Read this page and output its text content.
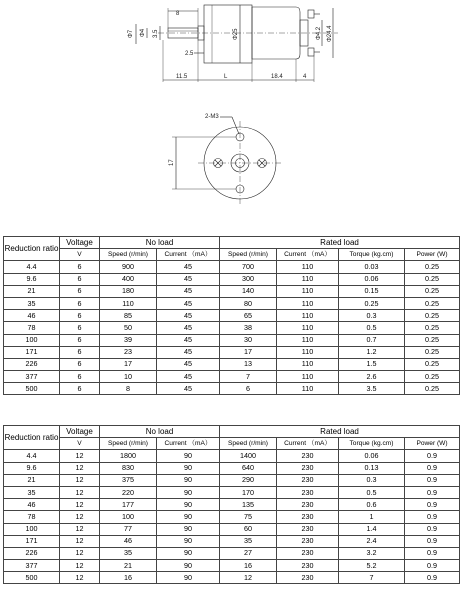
8
Φ7 Φ4 3.5
2.5
Φ25	Φ4.2 Φ24.4
11.5	L	18.4	4
2-M3
17
Reduction ratio	Voltage	No load		Rated load			
	V	Speed (r/min)	Current （mA）	Speed (r/min)	Current （mA）	Torque (kg.cm)	Power (W)
4.4	6	900	45	700	110	0.03	0.25
9.6	6	400	45	300	110	0.06	0.25
21	6	180	45	140	110	0.15	0.25
35	6	110	45	80	110	0.25	0.25
46	6	85	45	65	110	0.3	0.25
78	6	50	45	38	110	0.5	0.25
100	6	39	45	30	110	0.7	0.25
171	6	23	45	17	110	1.2	0.25
226	6	17	45	13	110	1.5	0.25
377	6	10	45	7	110	2.6	0.25
500	6	8	45	6	110	3.5	0.25
Reduction ratio	Voltage	No load		Rated load			
	V	Speed (r/min)	Current （mA）	Speed (r/min)	Current （mA）	Torque (kg.cm)	Power (W)
4.4	12	1800	90	1400	230	0.06	0.9
9.6	12	830	90	640	230	0.13	0.9
21	12	375	90	290	230	0.3	0.9
35	12	220	90	170	230	0.5	0.9
46	12	177	90	135	230	0.6	0.9
78	12	100	90	75	230	1	0.9
100	12	77	90	60	230	1.4	0.9
171	12	46	90	35	230	2.4	0.9
226	12	35	90	27	230	3.2	0.9
377	12	21	90	16	230	5.2	0.9
500	12	16	90	12	230	7	0.9
